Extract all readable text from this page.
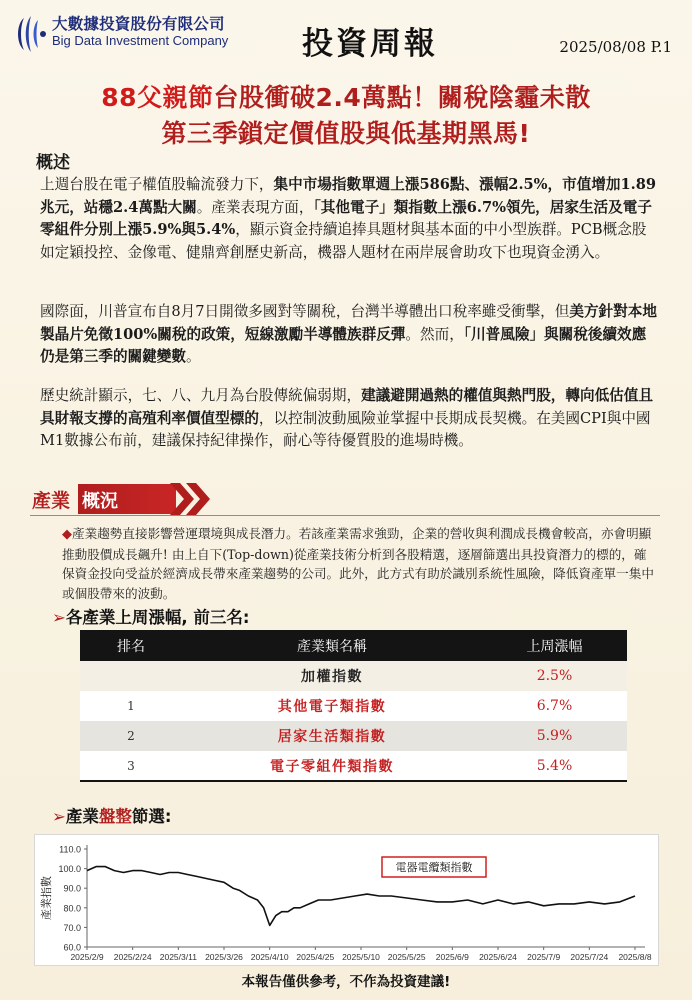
大數據投資股份有限公司
Big Data Investment Company	投資周報	2025/08/08 P.1
88父親節台股衝破2.4萬點！關稅陰霾未散
第三季鎖定價值股與低基期黑馬!
概述
上週台股在電子權值股輪流發力下，集中市場指數單週上漲586點、漲幅2.5%，市值增加1.89兆元，站穩2.4萬點大關。產業表現方面，「其他電子」類指數上漲6.7%領先，居家生活及電子零組件分別上漲5.9%與5.4%，顯示資金持續追捧具題材與基本面的中小型族群。PCB概念股如定穎投控、金像電、健鼎齊創歷史新高，機器人題材在兩岸展會助攻下也現資金湧入。
國際面，川普宣布自8月7日開徵多國對等關稅，台灣半導體出口稅率雖受衝擊，但美方針對本地製晶片免徵100%關稅的政策，短線激勵半導體族群反彈。然而，「川普風險」與關稅後續效應仍是第三季的關鍵變數。
歷史統計顯示，七、八、九月為台股傳統偏弱期，建議避開過熱的權值與熱門股，轉向低估值且具財報支撐的高殖利率價值型標的，以控制波動風險並掌握中長期成長契機。在美國CPI與中國M1數據公布前，建議保持紀律操作，耐心等待優質股的進場時機。
產業 概況
◆產業趨勢直接影響營運環境與成長潛力。若該產業需求強勁，企業的營收與利潤成長機會較高，亦會明顯推動股價成長飆升! 由上自下(Top-down)從產業技術分析到各股精選，逐層篩選出具投資潛力的標的，確保資金投向受益於經濟成長帶來產業趨勢的公司。此外，此方式有助於識別系統性風險，降低資產單一集中或個股帶來的波動。
➢各產業上周漲幅, 前三名:
排名	產業類名稱	上周漲幅
	加權指數	2.5%
1	其他電子類指數	6.7%
2	居家生活類指數	5.9%
3	電子零組件類指數	5.4%
➢產業盤整節選:
110.0
100.0
90.0
80.0
70.0
60.0
2025/2/9 2025/2/24 2025/3/11 2025/3/26 2025/4/10 2025/4/25 2025/5/10 2025/5/25 2025/6/9 2025/6/24 2025/7/9 2025/7/24 2025/8/8
產業指數
電器電纜類指數
本報告僅供參考，不作為投資建議!
